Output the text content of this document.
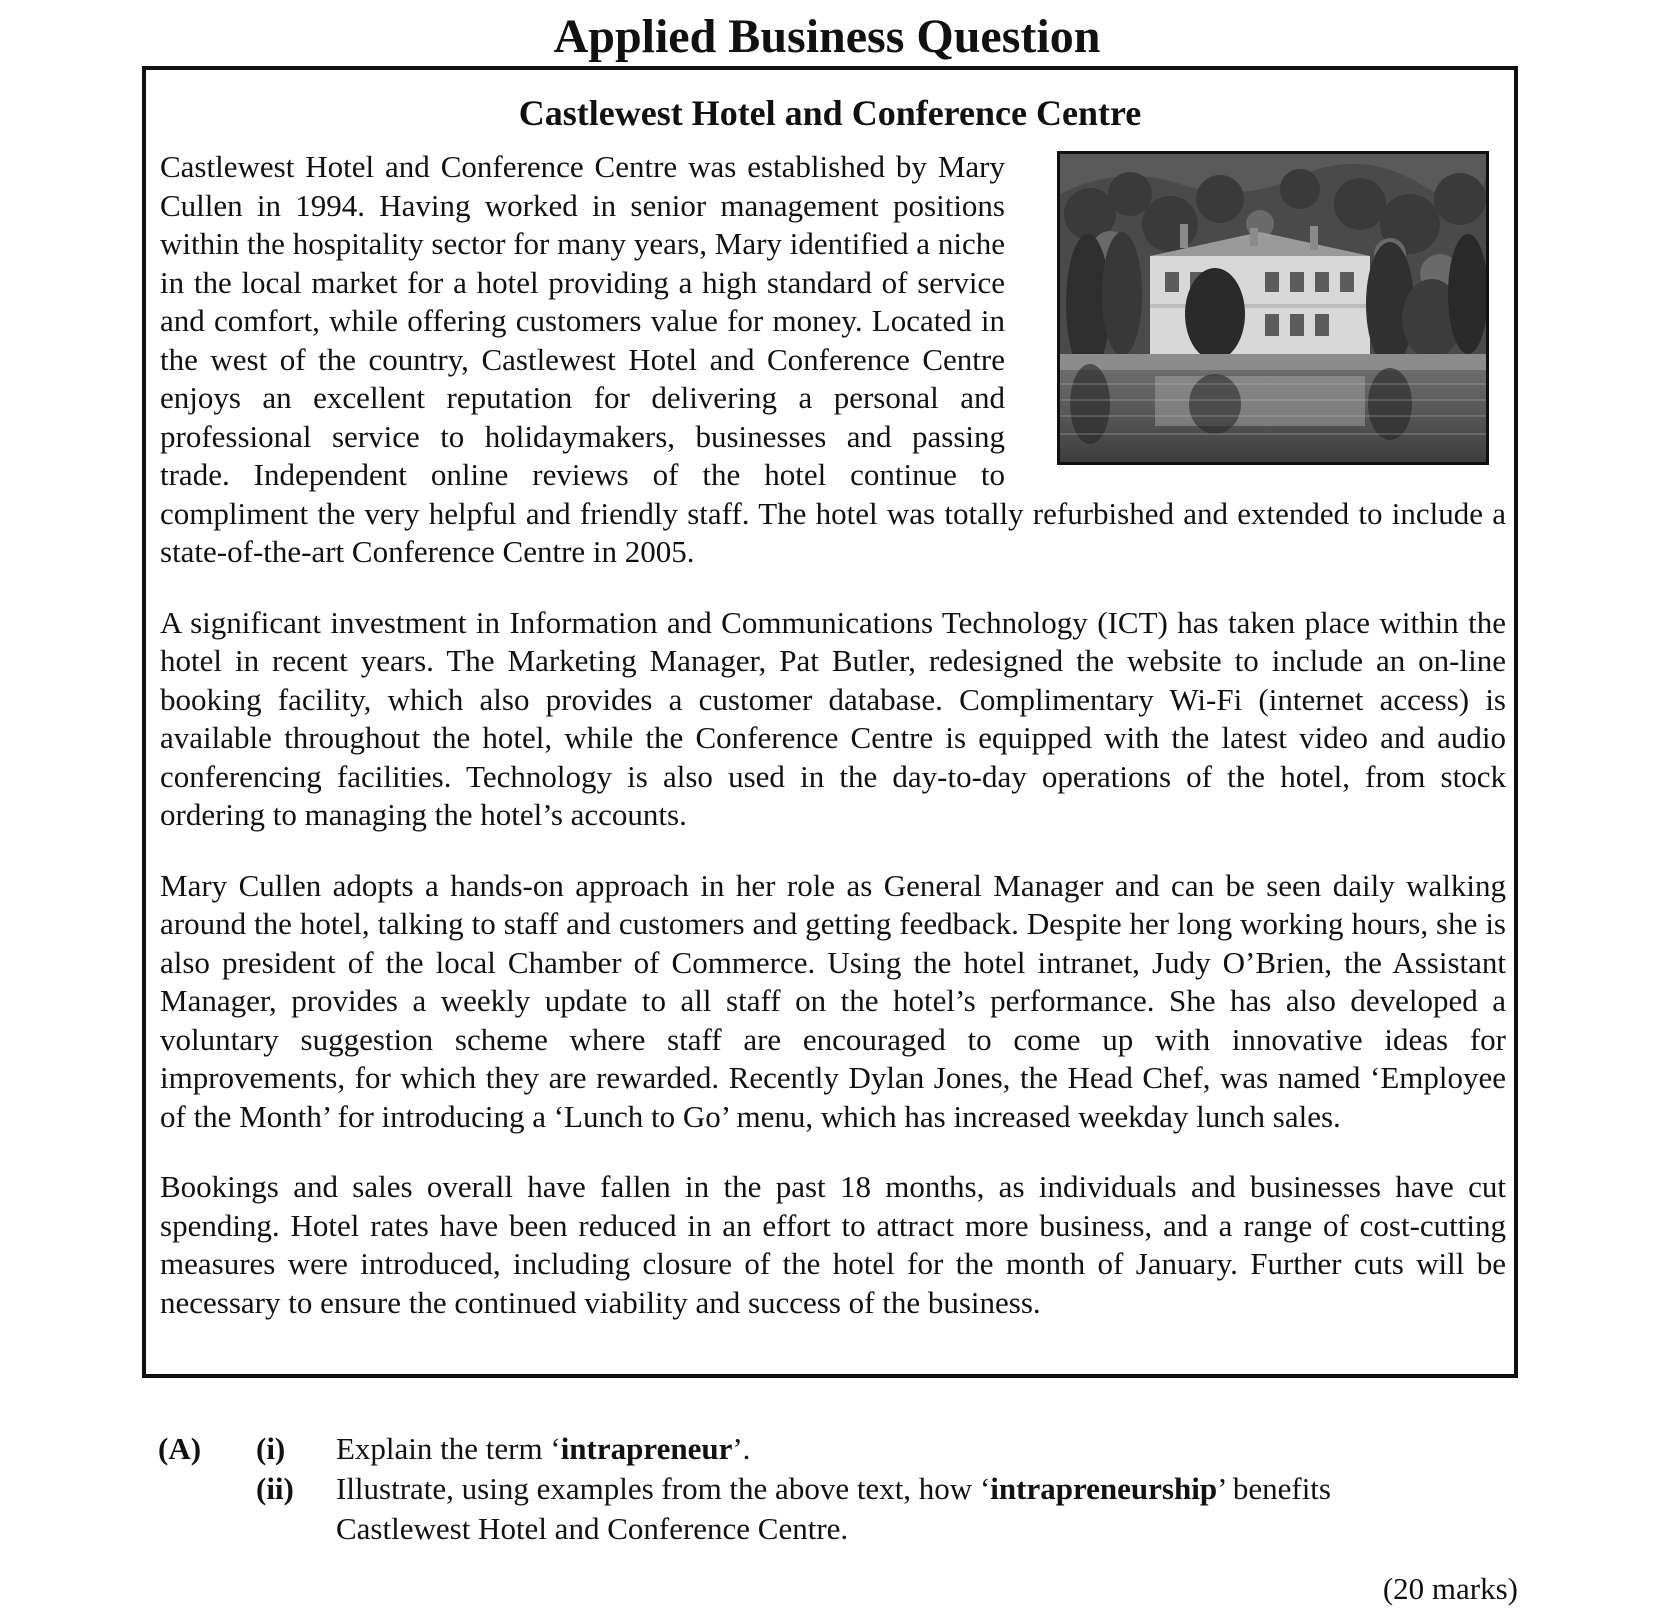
Applied Business Question
Castlewest Hotel and Conference Centre

Castlewest Hotel and Conference Centre was established by Mary Cullen in 1994. Having worked in senior management positions within the hospitality sector for many years, Mary identified a niche in the local market for a hotel providing a high standard of service and comfort, while offering customers value for money. Located in the west of the country, Castlewest Hotel and Conference Centre enjoys an excellent reputation for delivering a personal and professional service to holidaymakers, businesses and passing trade. Independent online reviews of the hotel continue to compliment the very helpful and friendly staff. The hotel was totally refurbished and extended to include a state-of-the-art Conference Centre in 2005.

A significant investment in Information and Communications Technology (ICT) has taken place within the hotel in recent years. The Marketing Manager, Pat Butler, redesigned the website to include an on-line booking facility, which also provides a customer database. Complimentary Wi-Fi (internet access) is available throughout the hotel, while the Conference Centre is equipped with the latest video and audio conferencing facilities. Technology is also used in the day-to-day operations of the hotel, from stock ordering to managing the hotel’s accounts.

Mary Cullen adopts a hands-on approach in her role as General Manager and can be seen daily walking around the hotel, talking to staff and customers and getting feedback. Despite her long working hours, she is also president of the local Chamber of Commerce. Using the hotel intranet, Judy O’Brien, the Assistant Manager, provides a weekly update to all staff on the hotel’s performance. She has also developed a voluntary suggestion scheme where staff are encouraged to come up with innovative ideas for improvements, for which they are rewarded. Recently Dylan Jones, the Head Chef, was named ‘Employee of the Month’ for introducing a ‘Lunch to Go’ menu, which has increased weekday lunch sales.

Bookings and sales overall have fallen in the past 18 months, as individuals and businesses have cut spending. Hotel rates have been reduced in an effort to attract more business, and a range of cost-cutting measures were introduced, including closure of the hotel for the month of January. Further cuts will be necessary to ensure the continued viability and success of the business.

(A) (i) Explain the term ‘intrapreneur’.
(ii) Illustrate, using examples from the above text, how ‘intrapreneurship’ benefits
Castlewest Hotel and Conference Centre.
(20 marks)
